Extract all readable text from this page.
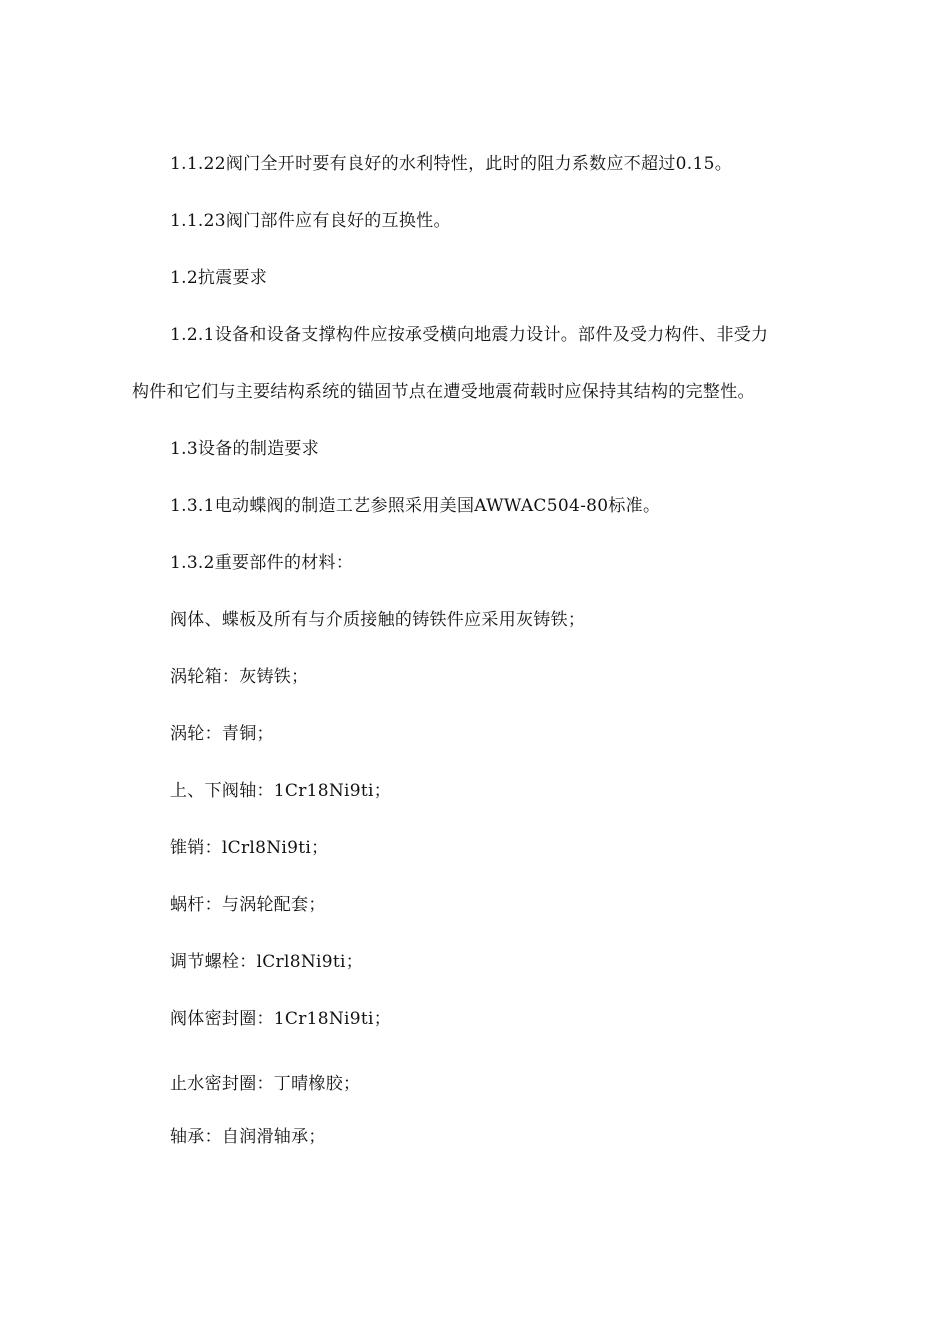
1.1.22阀门全开时要有良好的水利特性，此时的阻力系数应不超过0.15。
1.1.23阀门部件应有良好的互换性。
1.2抗震要求
1.2.1设备和设备支撑构件应按承受横向地震力设计。部件及受力构件、非受力
构件和它们与主要结构系统的锚固节点在遭受地震荷载时应保持其结构的完整性。
1.3设备的制造要求
1.3.1电动蝶阀的制造工艺参照采用美国AWWAC504-80标准。
1.3.2重要部件的材料：
阀体、蝶板及所有与介质接触的铸铁件应采用灰铸铁；
涡轮箱：灰铸铁；
涡轮：青铜；
上、下阀轴：1Cr18Ni9ti；
锥销：lCrl8Ni9ti；
蜗杆：与涡轮配套；
调节螺栓：lCrl8Ni9ti；
阀体密封圈：1Cr18Ni9ti；
止水密封圈：丁晴橡胶；
轴承：自润滑轴承；
